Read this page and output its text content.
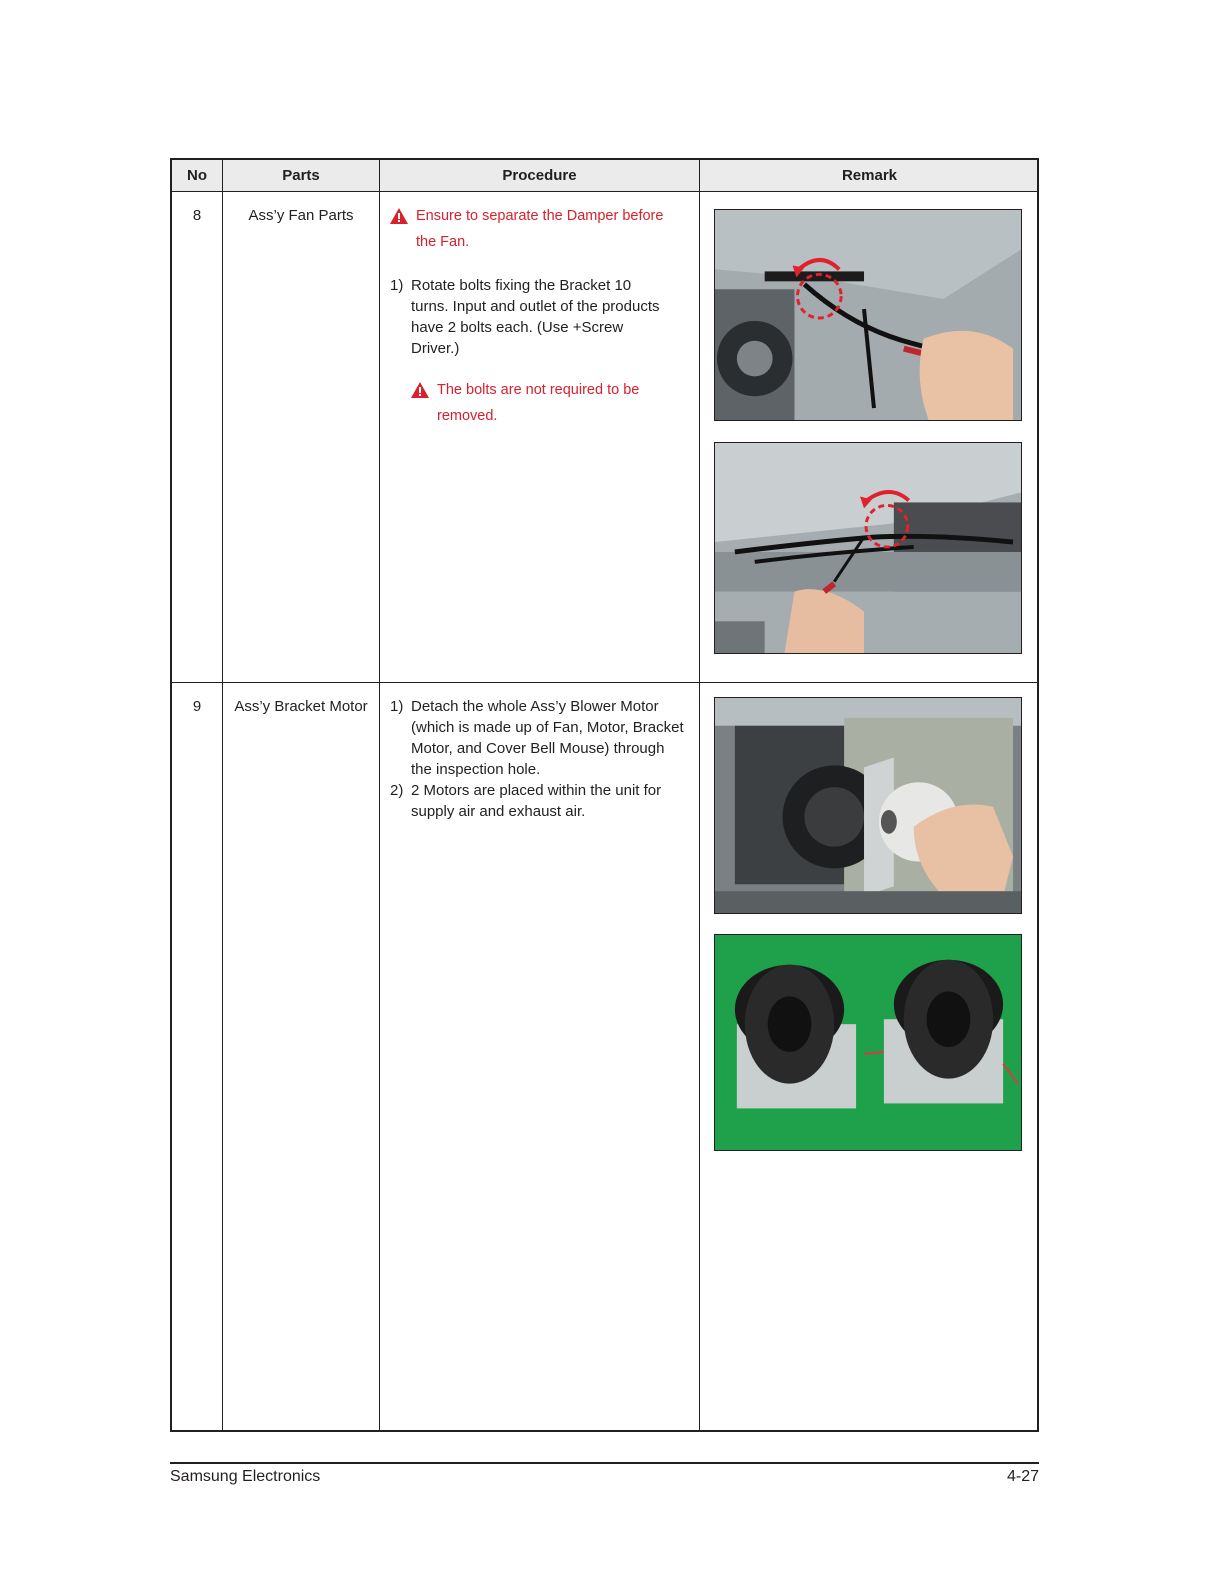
No	Parts	Procedure	Remark
8	Ass’y Fan Parts	Ensure to separate the Damper before the Fan.
1) Rotate bolts fixing the Bracket 10 turns. Input and outlet of the products have 2 bolts each. (Use +Screw Driver.)
The bolts are not required to be removed.
9	Ass’y Bracket Motor	1) Detach the whole Ass’y Blower Motor (which is made up of Fan, Motor, Bracket Motor, and Cover Bell Mouse) through the inspection hole.
2) 2 Motors are placed within the unit for supply air and exhaust air.
Samsung Electronics	4-27
